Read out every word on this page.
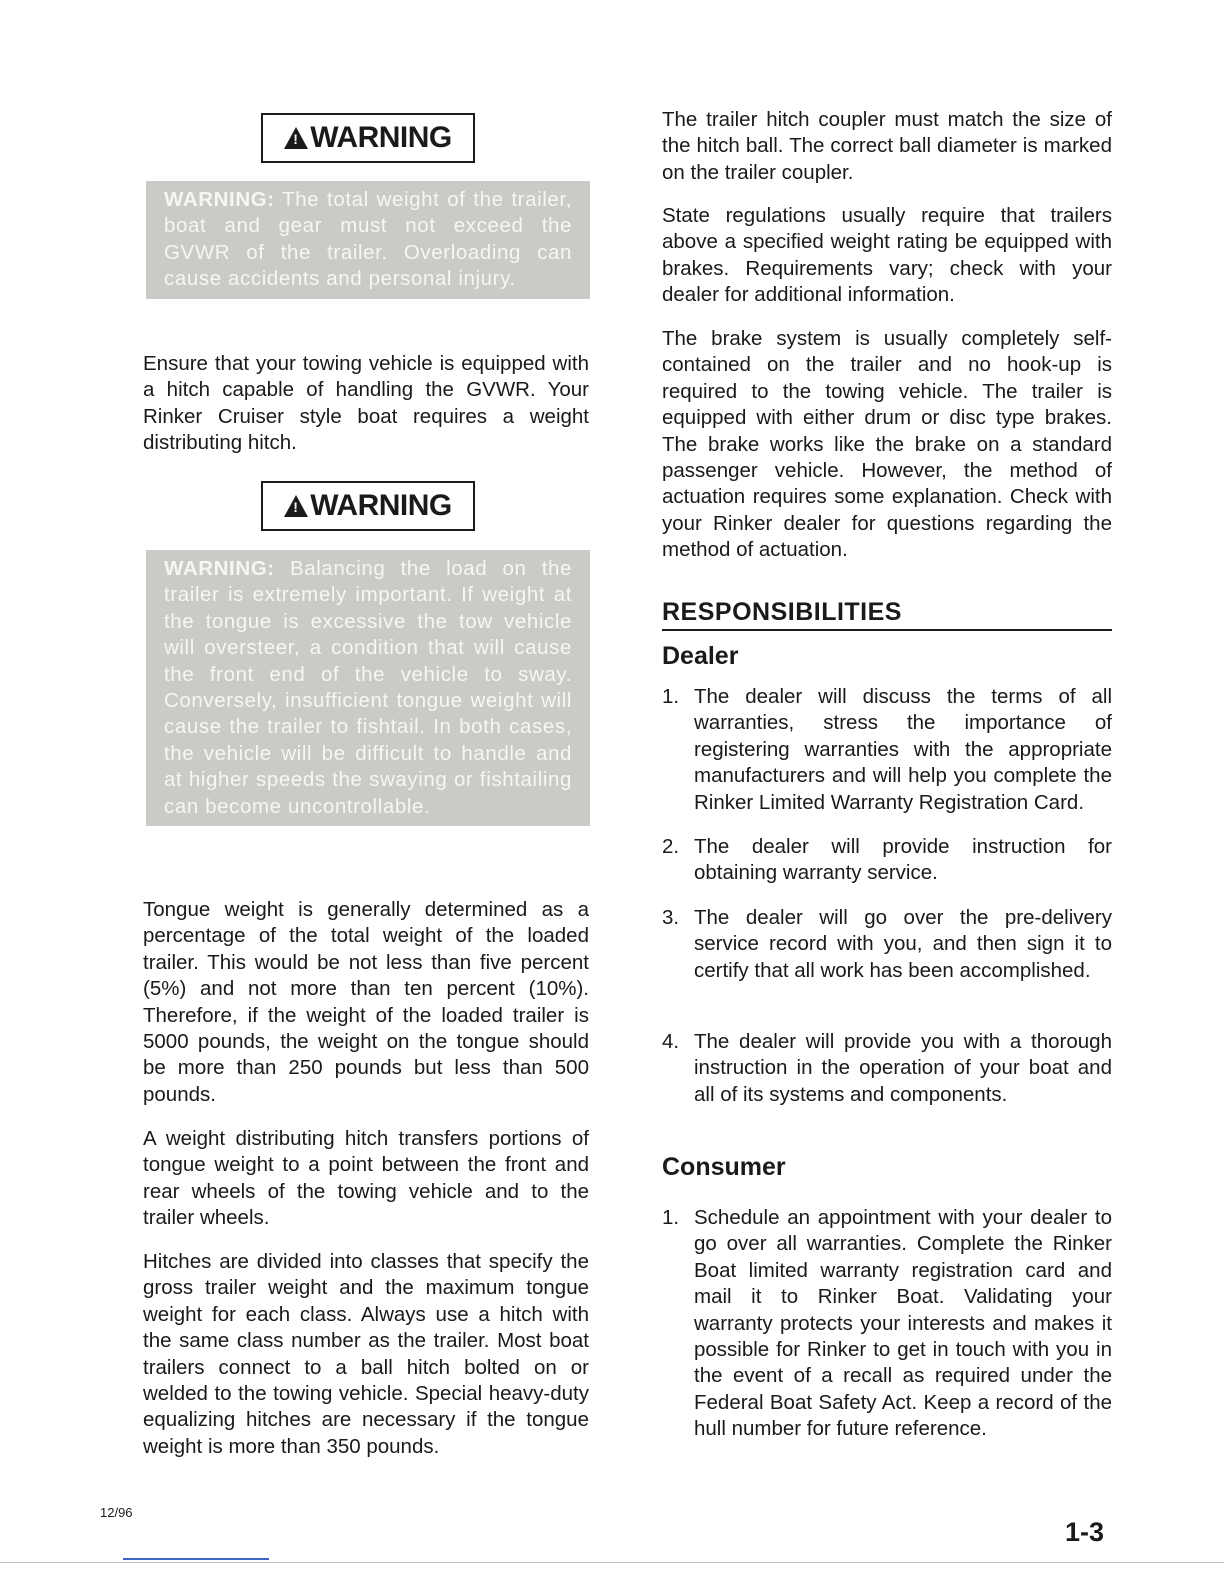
!
WARNING
WARNING: The total weight of the trailer, boat and gear must not exceed the GVWR of the trailer. Overloading can cause accidents and personal injury.

Ensure that your towing vehicle is equipped with a hitch capable of handling the GVWR. Your Rinker Cruiser style boat requires a weight distributing hitch.

!
WARNING
WARNING: Balancing the load on the trailer is extremely important. If weight at the tongue is excessive the tow vehicle will oversteer, a condition that will cause the front end of the vehicle to sway. Conversely, insufficient tongue weight will cause the trailer to fishtail. In both cases, the vehicle will be difficult to handle and at higher speeds the swaying or fishtailing can become uncontrollable.

Tongue weight is generally determined as a percentage of the total weight of the loaded trailer. This would be not less than five percent (5%) and not more than ten percent (10%). Therefore, if the weight of the loaded trailer is 5000 pounds, the weight on the tongue should be more than 250 pounds but less than 500 pounds.

A weight distributing hitch transfers portions of tongue weight to a point between the front and rear wheels of the towing vehicle and to the trailer wheels.

Hitches are divided into classes that specify the gross trailer weight and the maximum tongue weight for each class. Always use a hitch with the same class number as the trailer. Most boat trailers connect to a ball hitch bolted on or welded to the towing vehicle. Special heavy-duty equalizing hitches are necessary if the tongue weight is more than 350 pounds.

The trailer hitch coupler must match the size of the hitch ball. The correct ball diameter is marked on the trailer coupler.

State regulations usually require that trailers above a specified weight rating be equipped with brakes. Requirements vary; check with your dealer for additional information.

The brake system is usually completely self-contained on the trailer and no hook-up is required to the towing vehicle. The trailer is equipped with either drum or disc type brakes. The brake works like the brake on a standard passenger vehicle. However, the method of actuation requires some explanation. Check with your Rinker dealer for questions regarding the method of actuation.

RESPONSIBILITIES
Dealer
1. The dealer will discuss the terms of all warranties, stress the importance of registering warranties with the appropriate manufacturers and will help you complete the Rinker Limited Warranty Registration Card.
2. The dealer will provide instruction for obtaining warranty service.
3. The dealer will go over the pre-delivery service record with you, and then sign it to certify that all work has been accomplished.
4. The dealer will provide you with a thorough instruction in the operation of your boat and all of its systems and components.
Consumer
1. Schedule an appointment with your dealer to go over all warranties. Complete the Rinker Boat limited warranty registration card and mail it to Rinker Boat. Validating your warranty protects your interests and makes it possible for Rinker to get in touch with you in the event of a recall as required under the Federal Boat Safety Act. Keep a record of the hull number for future reference.
12/96
1-3
